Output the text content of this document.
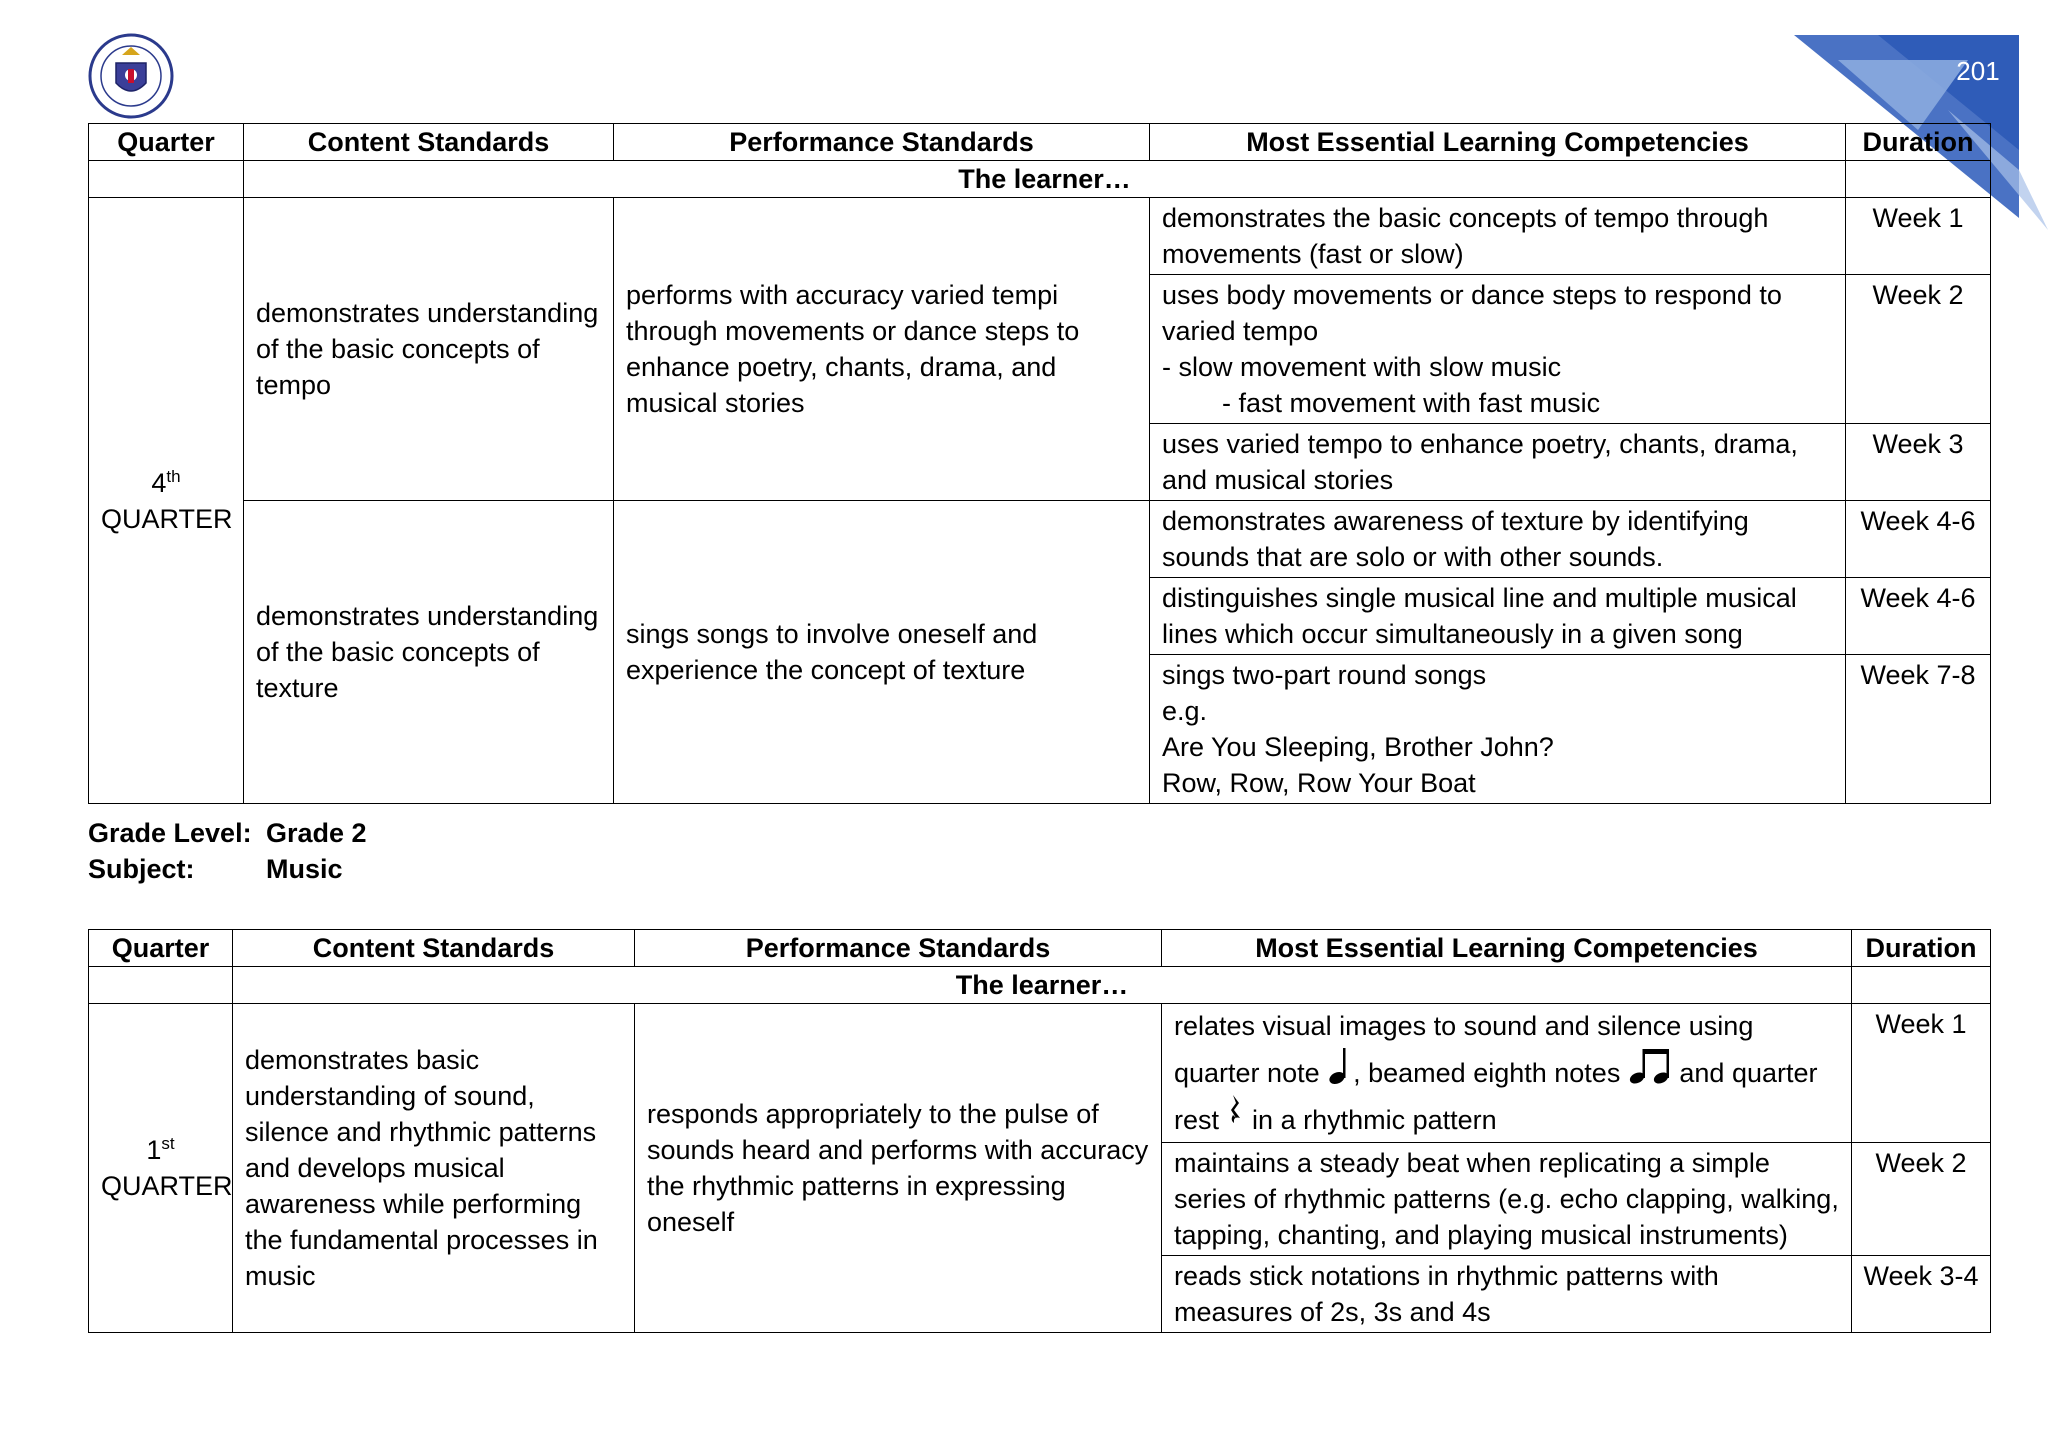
201
Quarter	Content Standards	Performance Standards	Most Essential Learning Competencies	Duration
	The learner…			
4th
QUARTER	demonstrates understanding of the basic concepts of tempo	performs with accuracy varied tempi through movements or dance steps to enhance poetry, chants, drama, and musical stories	demonstrates the basic concepts of tempo through movements (fast or slow)	Week 1

			uses body movements or dance steps to respond to varied tempo
- slow movement with slow music
- fast movement with fast music	Week 2
			uses varied tempo to enhance poetry, chants, drama, and musical stories	Week 3
	demonstrates understanding of the basic concepts of texture	sings songs to involve oneself and experience the concept of texture	demonstrates awareness of texture by identifying sounds that are solo or with other sounds.	Week 4-6
			distinguishes single musical line and multiple musical lines which occur simultaneously in a given song	Week 4-6

			sings two-part round songs
e.g.
Are You Sleeping, Brother John?
Row, Row, Row Your Boat	Week 7-8
Grade Level: Grade 2
Subject:	Music
Quarter	Content Standards	Performance Standards	Most Essential Learning Competencies	Duration
	The learner…			
1st
QUARTER	demonstrates basic understanding of sound, silence and rhythmic patterns and develops musical awareness while performing the fundamental processes in music	responds appropriately to the pulse of sounds heard and performs with accuracy the rhythmic patterns in expressing oneself	relates visual images to sound and silence using quarter note , beamed eighth notes and quarter rest in a rhythmic pattern	Week 1
			maintains a steady beat when replicating a simple series of rhythmic patterns (e.g. echo clapping, walking, tapping, chanting, and playing musical instruments)	Week 2
			reads stick notations in rhythmic patterns with measures of 2s, 3s and 4s	Week 3-4
